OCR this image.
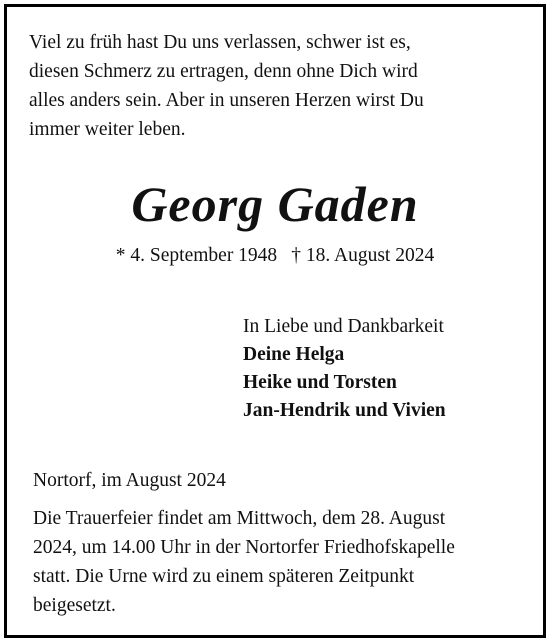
Viel zu früh hast Du uns verlassen, schwer ist es,
diesen Schmerz zu ertragen, denn ohne Dich wird
alles anders sein. Aber in unseren Herzen wirst Du
immer weiter leben.
Georg Gaden
* 4. September 1948 † 18. August 2024
In Liebe und Dankbarkeit
Deine Helga
Heike und Torsten
Jan-Hendrik und Vivien
Nortorf, im August 2024
Die Trauerfeier findet am Mittwoch, dem 28. August
2024, um 14.00 Uhr in der Nortorfer Friedhofskapelle
statt. Die Urne wird zu einem späteren Zeitpunkt
beigesetzt.
